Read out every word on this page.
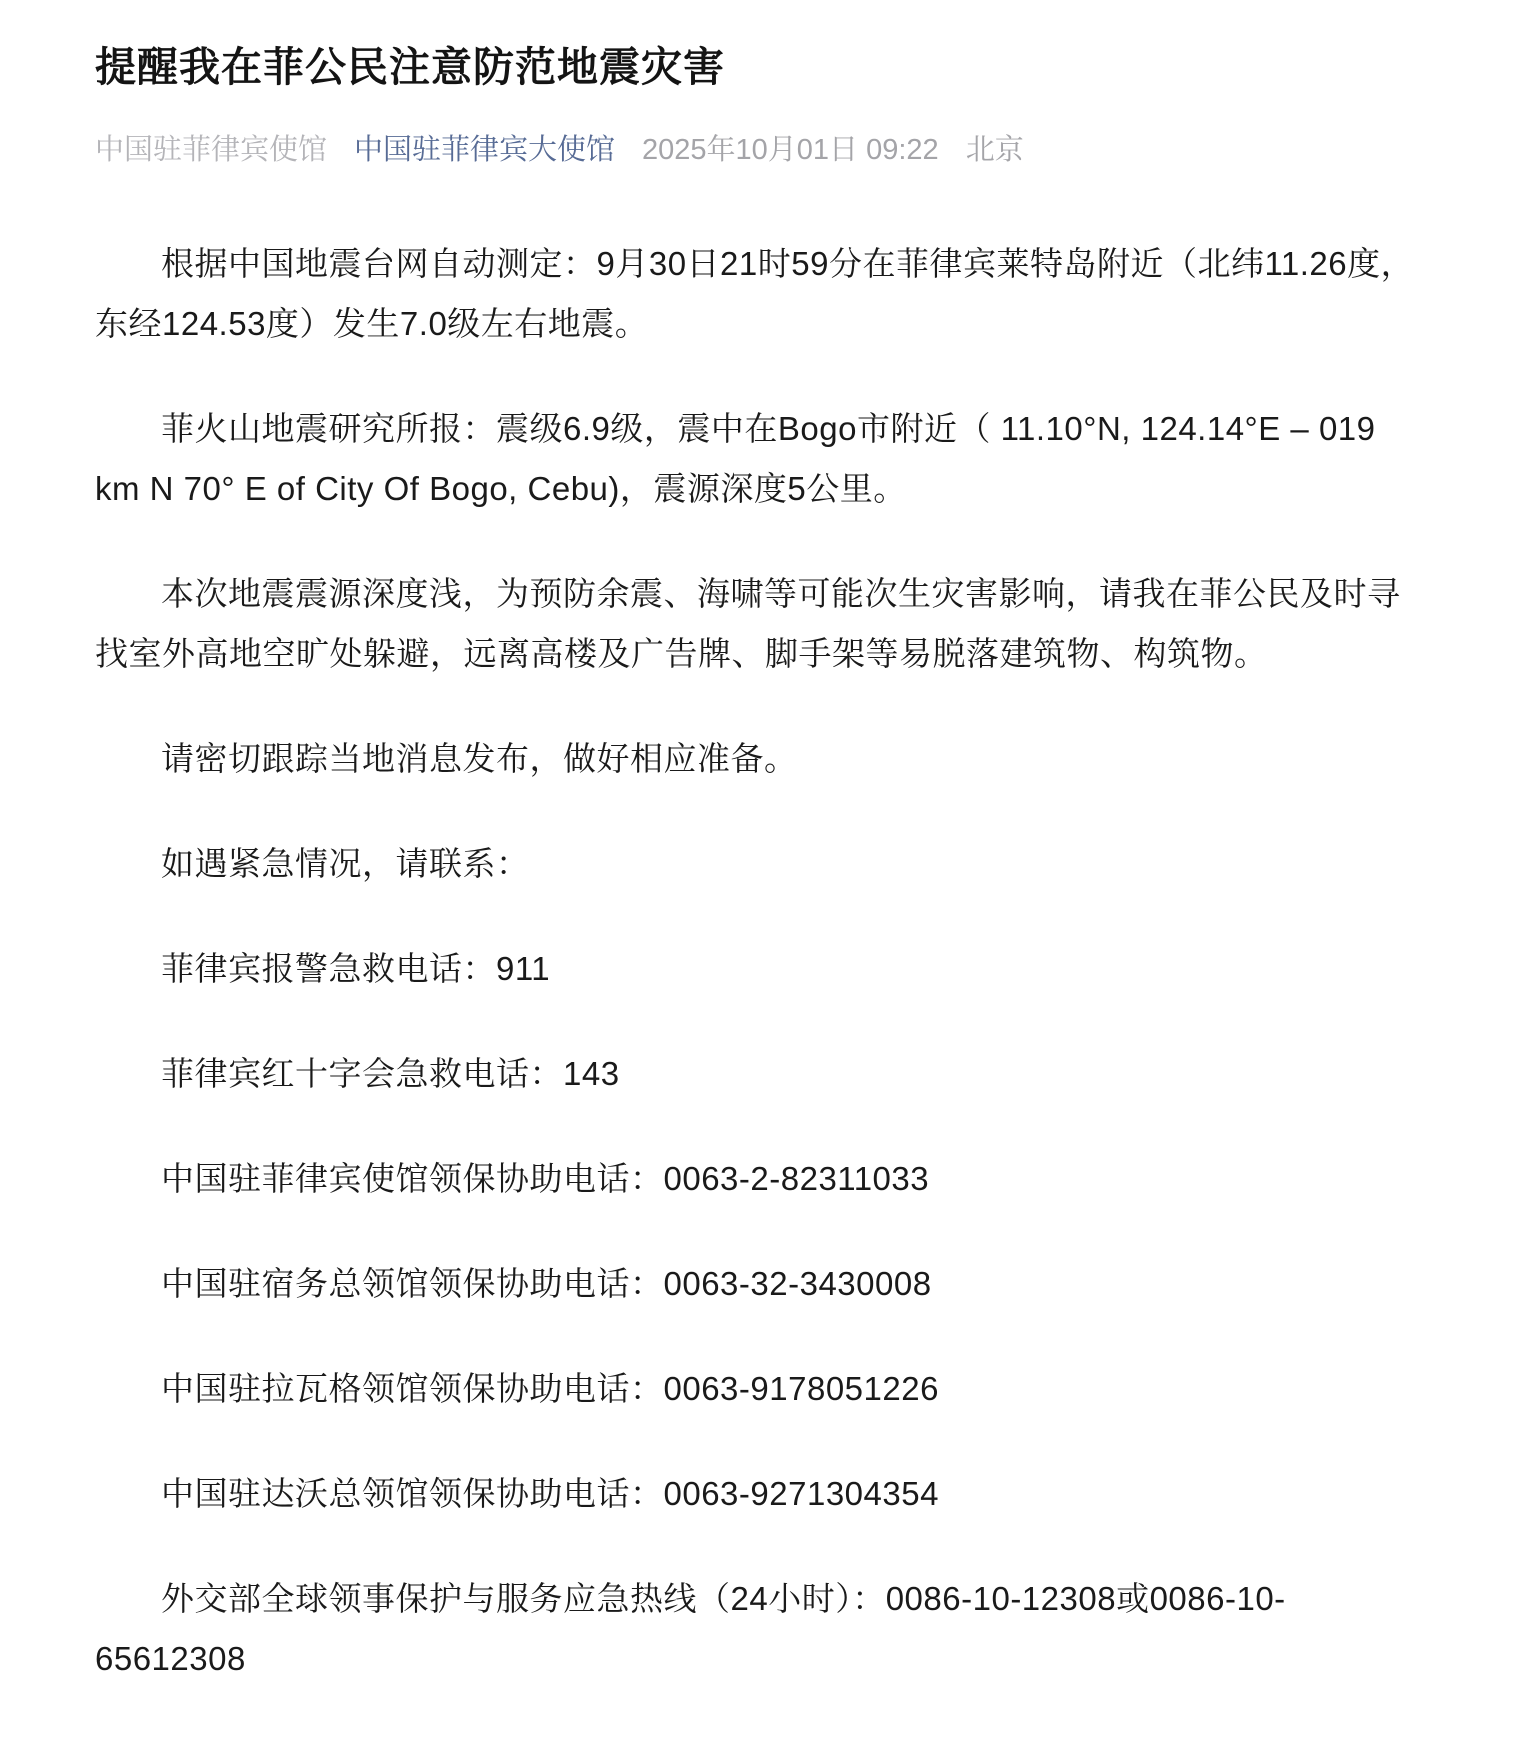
提醒我在菲公民注意防范地震灾害
中国驻菲律宾使馆 中国驻菲律宾大使馆 2025年10月01日 09:22 北京

根据中国地震台网自动测定：9月30日21时59分在菲律宾莱特岛附近（北纬11.26度，东经124.53度）发生7.0级左右地震。

菲火山地震研究所报：震级6.9级，震中在Bogo市附近（ 11.10°N, 124.14°E – 019 km N 70° E of City Of Bogo, Cebu)，震源深度5公里。

本次地震震源深度浅，为预防余震、海啸等可能次生灾害影响，请我在菲公民及时寻找室外高地空旷处躲避，远离高楼及广告牌、脚手架等易脱落建筑物、构筑物。

请密切跟踪当地消息发布，做好相应准备。

如遇紧急情况，请联系：

菲律宾报警急救电话：911

菲律宾红十字会急救电话：143

中国驻菲律宾使馆领保协助电话：0063-2-82311033

中国驻宿务总领馆领保协助电话：0063-32-3430008

中国驻拉瓦格领馆领保协助电话：0063-9178051226

中国驻达沃总领馆领保协助电话：0063-9271304354

外交部全球领事保护与服务应急热线（24小时）：0086-10-12308或0086-10-65612308
